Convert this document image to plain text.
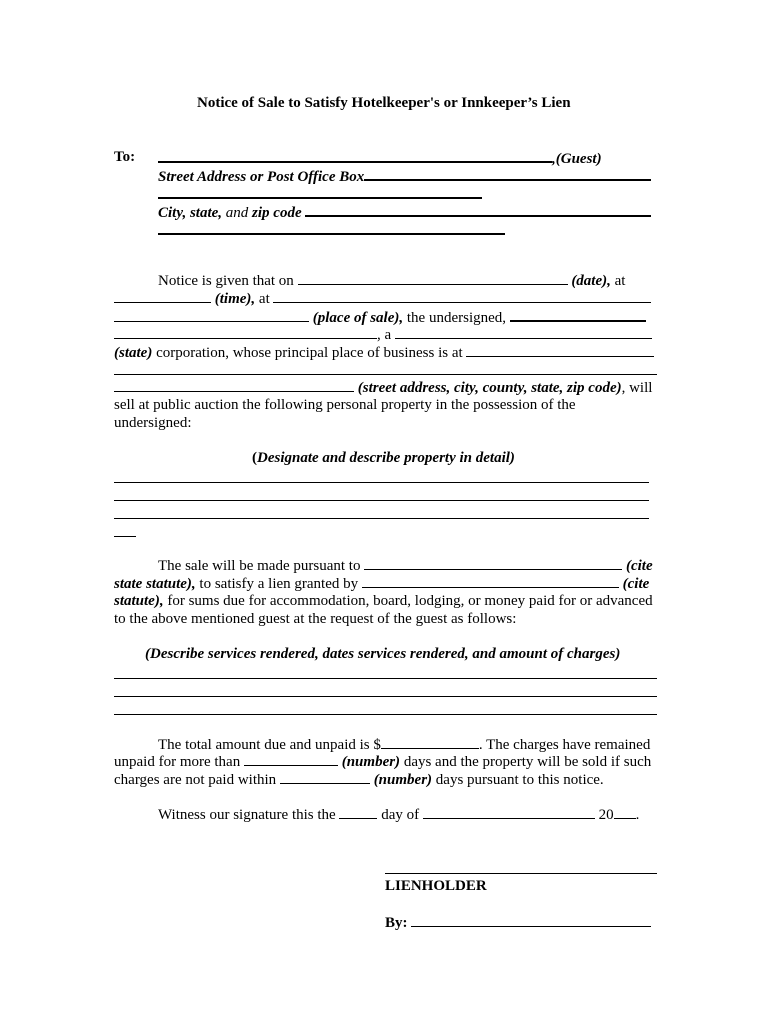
Notice of Sale to Satisfy Hotelkeeper's or Innkeeper’s Lien
To:	,(Guest)
Street Address or Post Office Box
City, state, and zip code
Notice is given that on	(date), at
(time), at
(place of sale), the undersigned,
, a
(state) corporation, whose principal place of business is at
(street address, city, county, state, zip code), will
sell at public auction the following personal property in the possession of the
undersigned:
(Designate and describe property in detail)
The sale will be made pursuant to	(cite
state statute), to satisfy a lien granted by	(cite
statute), for sums due for accommodation, board, lodging, or money paid for or advanced
to the above mentioned guest at the request of the guest as follows:
(Describe services rendered, dates services rendered, and amount of charges)
The total amount due and unpaid is $	. The charges have remained
unpaid for more than	(number) days and the property will be sold if such
charges are not paid within	(number) days pursuant to this notice.
Witness our signature this the	day of	20 .
LIENHOLDER
By:
